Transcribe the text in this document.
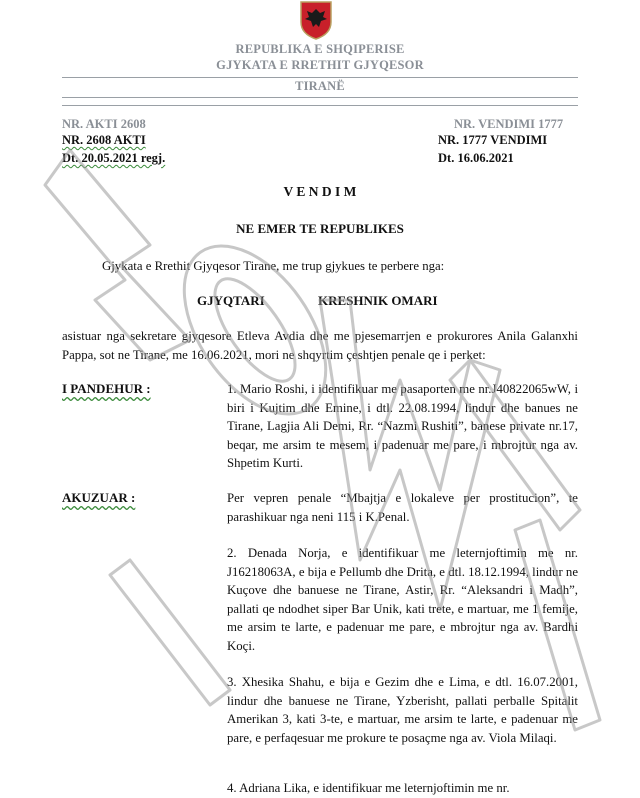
REPUBLIKA E SHQIPERISE
GJYKATA E RRETHIT GJYQESOR
TIRANË
NR. AKTI 2608	NR. VENDIMI 1777
NR. 2608 AKTI	NR. 1777 VENDIMI
Dt. 20.05.2021 regj.	Dt. 16.06.2021
V E N D I M
NE EMER TE REPUBLIKES
Gjykata e Rrethit Gjyqesor Tirane, me trup gjykues te perbere nga:
GJYQTARI	KRESHNIK OMARI
asistuar nga sekretare gjyqesore Etleva Avdia dhe me pjesemarrjen e prokurores Anila Galanxhi Pappa, sot ne Tirane, me 16.06.2021, mori ne shqyrtim çeshtjen penale qe i perket:
I PANDEHUR :	1. Mario Roshi, i identifikuar me pasaporten me nr.J40822065wW, i biri i Kujtim dhe Emine, i dtl. 22.08.1994, lindur dhe banues ne Tirane, Lagjia Ali Demi, Rr. “Nazmi Rushiti”, banese private nr.17, beqar, me arsim te mesem, i padenuar me pare, i mbrojtur nga av. Shpetim Kurti.
AKUZUAR :	Per vepren penale “Mbajtja e lokaleve per prostitucion”, te parashikuar nga neni 115 i K.Penal.
2. Denada Norja, e identifikuar me leternjoftimin me nr. J16218063A, e bija e Pellumb dhe Drita, e dtl. 18.12.1994, lindur ne Kuçove dhe banuese ne Tirane, Astir, Rr. “Aleksandri i Madh”, pallati qe ndodhet siper Bar Unik, kati trete, e martuar, me 1 femije, me arsim te larte, e padenuar me pare, e mbrojtur nga av. Bardhi Koçi.
3. Xhesika Shahu, e bija e Gezim dhe e Lima, e dtl. 16.07.2001, lindur dhe banuese ne Tirane, Yzberisht, pallati perballe Spitalit Amerikan 3, kati 3-te, e martuar, me arsim te larte, e padenuar me pare, e perfaqesuar me prokure te posaçme nga av. Viola Milaqi.
4. Adriana Lika, e identifikuar me leternjoftimin me nr.
